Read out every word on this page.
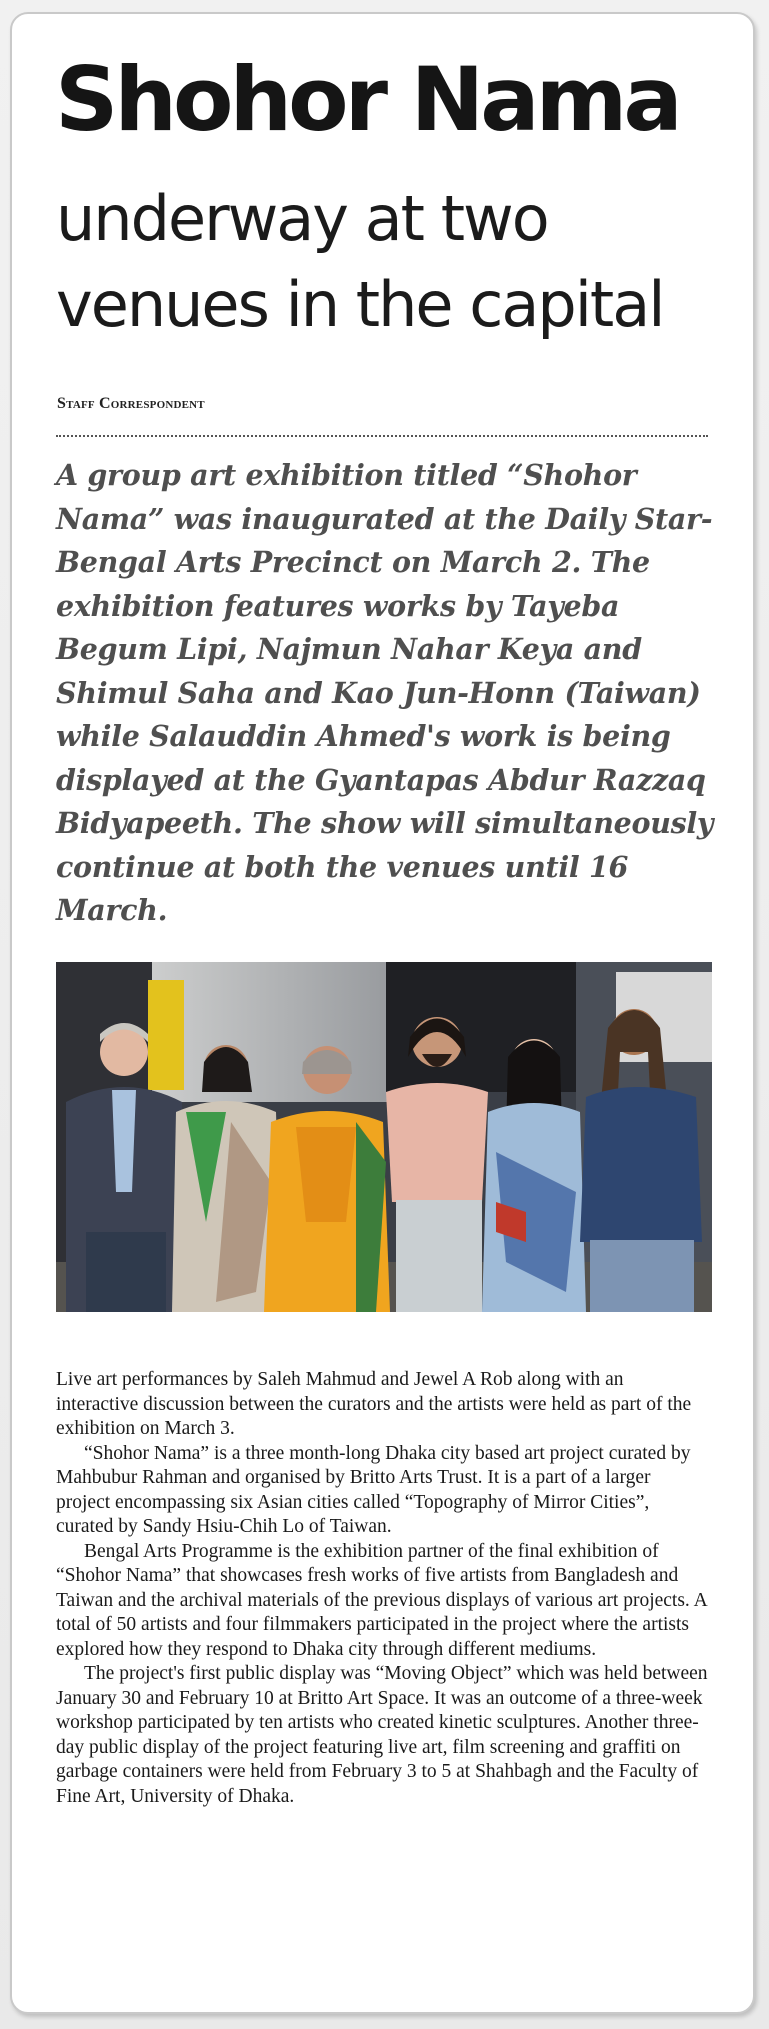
Shohor Nama
underway at two
venues in the capital
Staff Correspondent

A group art exhibition titled “Shohor Nama” was inaugurated at the Daily Star-Bengal Arts Precinct on March 2. The exhibition features works by Tayeba Begum Lipi, Najmun Nahar Keya and Shimul Saha and Kao Jun-Honn (Taiwan) while Salauddin Ahmed's work is being displayed at the Gyantapas Abdur Razzaq Bidyapeeth. The show will simultaneously continue at both the venues until 16 March.

Live art performances by Saleh Mahmud and Jewel A Rob along with an interactive discussion between the curators and the artists were held as part of the exhibition on March 3.

“Shohor Nama” is a three month-long Dhaka city based art project curated by Mahbubur Rahman and organised by Britto Arts Trust. It is a part of a larger project encompassing six Asian cities called “Topography of Mirror Cities”, curated by Sandy Hsiu-Chih Lo of Taiwan.

Bengal Arts Programme is the exhibition partner of the final exhibition of “Shohor Nama” that showcases fresh works of five artists from Bangladesh and Taiwan and the archival materials of the previous displays of various art projects. A total of 50 artists and four filmmakers participated in the project where the artists explored how they respond to Dhaka city through different mediums.

The project's first public display was “Moving Object” which was held between January 30 and February 10 at Britto Art Space. It was an outcome of a three-week workshop participated by ten artists who created kinetic sculptures. Another three-day public display of the project featuring live art, film screening and graffiti on garbage containers were held from February 3 to 5 at Shahbagh and the Faculty of Fine Art, University of Dhaka.
